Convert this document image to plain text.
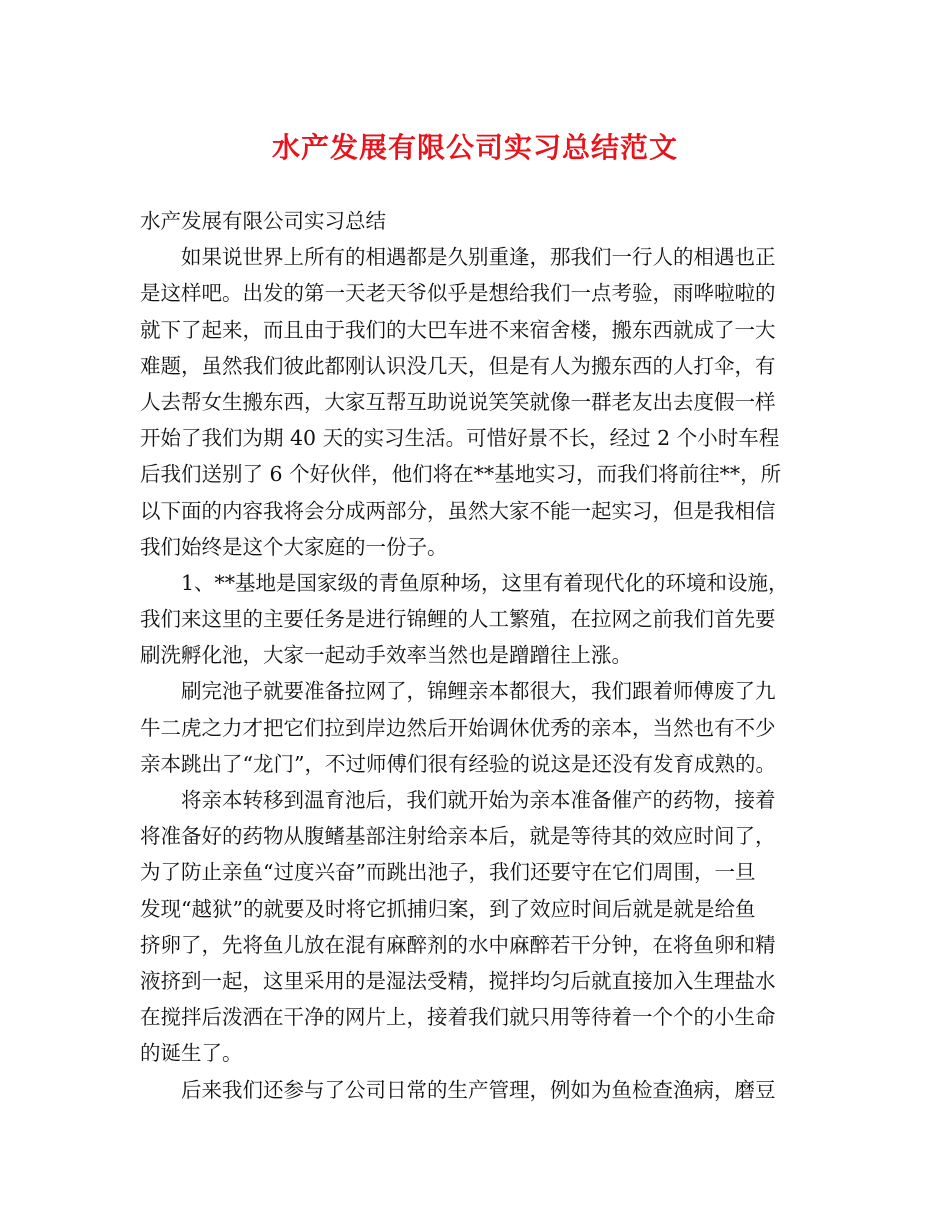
水产发展有限公司实习总结范文
水产发展有限公司实习总结
如果说世界上所有的相遇都是久别重逢，那我们一行人的相遇也正
是这样吧。出发的第一天老天爷似乎是想给我们一点考验，雨哗啦啦的
就下了起来，而且由于我们的大巴车进不来宿舍楼，搬东西就成了一大
难题，虽然我们彼此都刚认识没几天，但是有人为搬东西的人打伞，有
人去帮女生搬东西，大家互帮互助说说笑笑就像一群老友出去度假一样
开始了我们为期 40 天的实习生活。可惜好景不长，经过 2 个小时车程
后我们送别了 6 个好伙伴，他们将在**基地实习，而我们将前往**，所
以下面的内容我将会分成两部分，虽然大家不能一起实习，但是我相信
我们始终是这个大家庭的一份子。
1、**基地是国家级的青鱼原种场，这里有着现代化的环境和设施，
我们来这里的主要任务是进行锦鲤的人工繁殖，在拉网之前我们首先要
刷洗孵化池，大家一起动手效率当然也是蹭蹭往上涨。
刷完池子就要准备拉网了，锦鲤亲本都很大，我们跟着师傅废了九
牛二虎之力才把它们拉到岸边然后开始调休优秀的亲本，当然也有不少
亲本跳出了“龙门”，不过师傅们很有经验的说这是还没有发育成熟的。
将亲本转移到温育池后，我们就开始为亲本准备催产的药物，接着
将准备好的药物从腹鳍基部注射给亲本后，就是等待其的效应时间了，
为了防止亲鱼“过度兴奋”而跳出池子，我们还要守在它们周围，一旦
发现“越狱”的就要及时将它抓捕归案，到了效应时间后就是就是给鱼
挤卵了，先将鱼儿放在混有麻醉剂的水中麻醉若干分钟，在将鱼卵和精
液挤到一起，这里采用的是湿法受精，搅拌均匀后就直接加入生理盐水
在搅拌后泼洒在干净的网片上，接着我们就只用等待着一个个的小生命
的诞生了。
后来我们还参与了公司日常的生产管理，例如为鱼检查渔病，磨豆
